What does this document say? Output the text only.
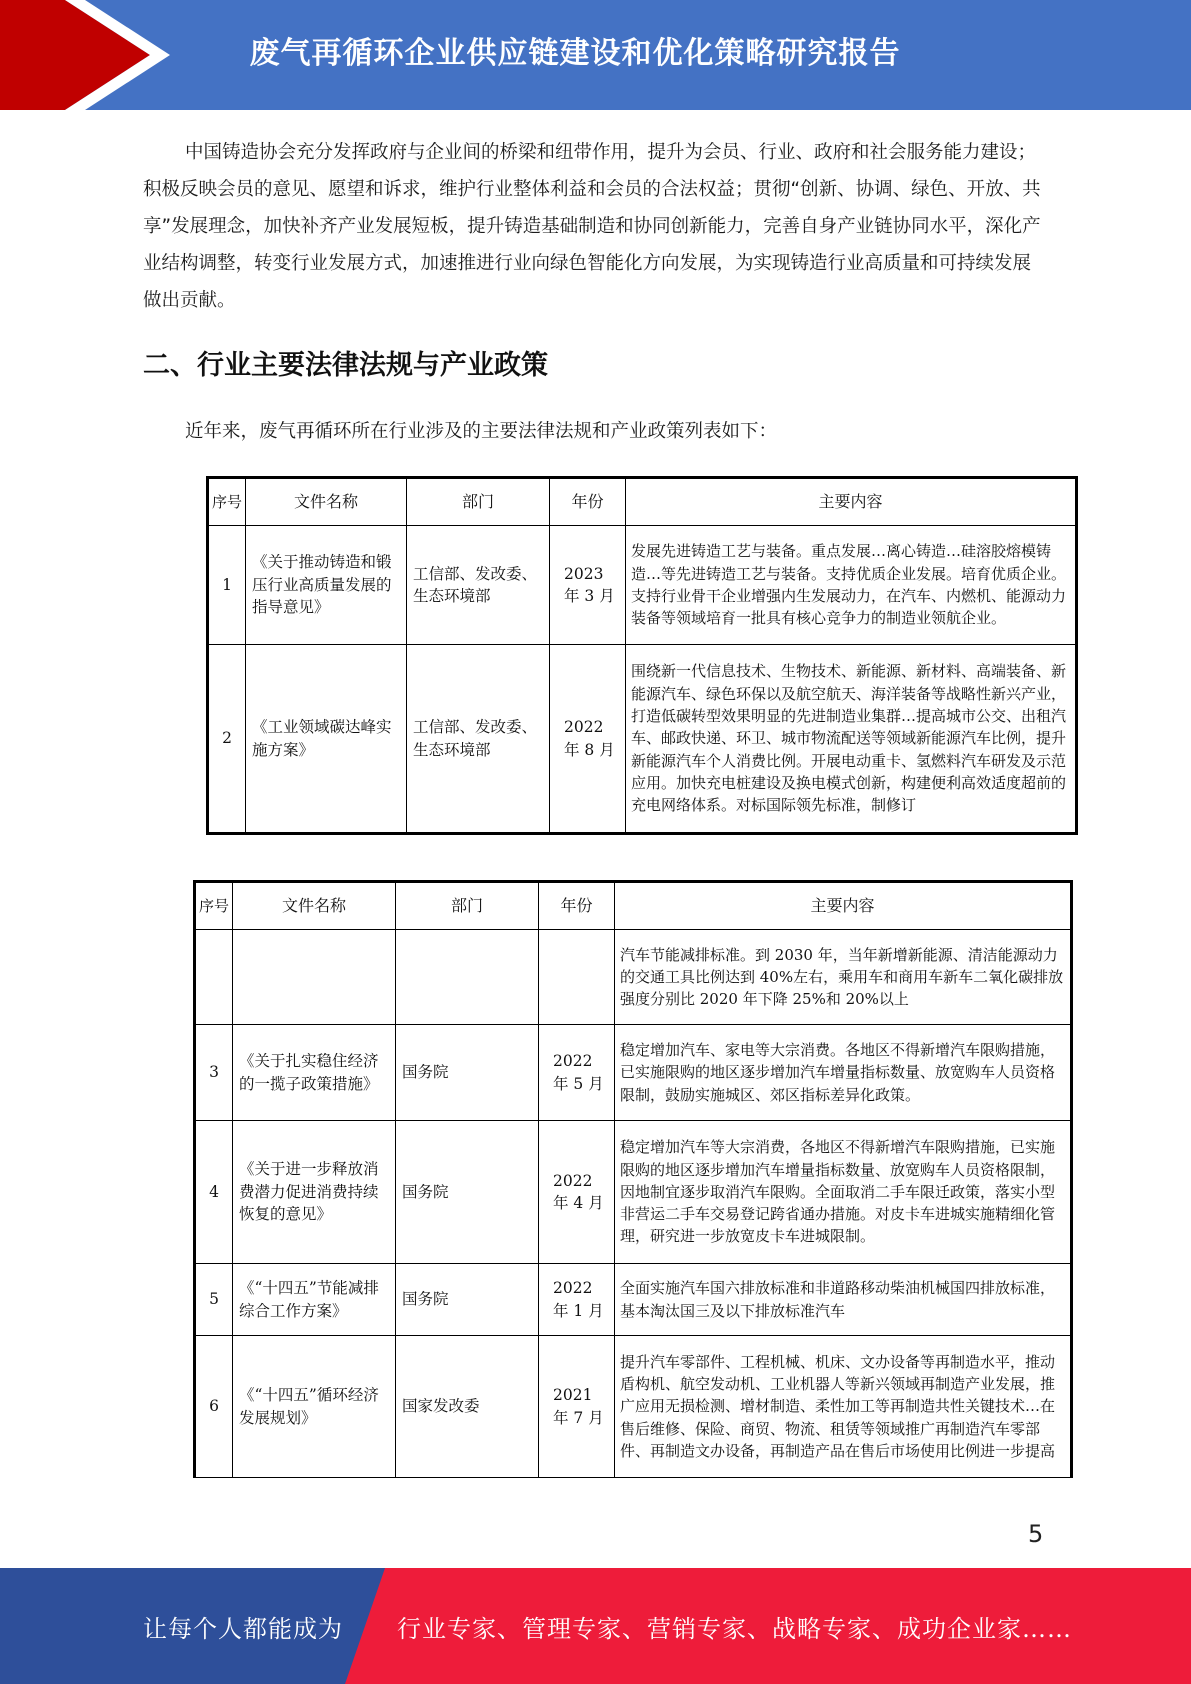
废气再循环企业供应链建设和优化策略研究报告

中国铸造协会充分发挥政府与企业间的桥梁和纽带作用，提升为会员、行业、政府和社会服务能力建设；积极反映会员的意见、愿望和诉求，维护行业整体利益和会员的合法权益；贯彻“创新、协调、绿色、开放、共享”发展理念，加快补齐产业发展短板，提升铸造基础制造和协同创新能力，完善自身产业链协同水平，深化产业结构调整，转变行业发展方式，加速推进行业向绿色智能化方向发展，为实现铸造行业高质量和可持续发展做出贡献。

二、行业主要法律法规与产业政策

近年来，废气再循环所在行业涉及的主要法律法规和产业政策列表如下：

序号	文件名称	部门	年份	主要内容
1	《关于推动铸造和锻压行业高质量发展的指导意见》	工信部、发改委、生态环境部	2023 年 3 月	发展先进铸造工艺与装备。重点发展…离心铸造…硅溶胶熔模铸造…等先进铸造工艺与装备。支持优质企业发展。培育优质企业。支持行业骨干企业增强内生发展动力，在汽车、内燃机、能源动力装备等领域培育一批具有核心竞争力的制造业领航企业。
2	《工业领域碳达峰实施方案》	工信部、发改委、生态环境部	2022 年 8 月	围绕新一代信息技术、生物技术、新能源、新材料、高端装备、新能源汽车、绿色环保以及航空航天、海洋装备等战略性新兴产业，打造低碳转型效果明显的先进制造业集群…提高城市公交、出租汽车、邮政快递、环卫、城市物流配送等领域新能源汽车比例，提升新能源汽车个人消费比例。开展电动重卡、氢燃料汽车研发及示范应用。加快充电桩建设及换电模式创新，构建便利高效适度超前的充电网络体系。对标国际领先标准，制修订
序号	文件名称	部门	年份	主要内容
				汽车节能减排标准。到 2030 年，当年新增新能源、清洁能源动力的交通工具比例达到 40%左右，乘用车和商用车新车二氧化碳排放强度分别比 2020 年下降 25%和 20%以上
3	《关于扎实稳住经济的一揽子政策措施》	国务院	2022 年 5 月	稳定增加汽车、家电等大宗消费。各地区不得新增汽车限购措施，已实施限购的地区逐步增加汽车增量指标数量、放宽购车人员资格限制，鼓励实施城区、郊区指标差异化政策。
4	《关于进一步释放消费潜力促进消费持续恢复的意见》	国务院	2022 年 4 月	稳定增加汽车等大宗消费，各地区不得新增汽车限购措施，已实施限购的地区逐步增加汽车增量指标数量、放宽购车人员资格限制，因地制宜逐步取消汽车限购。全面取消二手车限迁政策，落实小型非营运二手车交易登记跨省通办措施。对皮卡车进城实施精细化管理，研究进一步放宽皮卡车进城限制。
5	《“十四五”节能减排综合工作方案》	国务院	2022 年 1 月	全面实施汽车国六排放标准和非道路移动柴油机械国四排放标准，基本淘汰国三及以下排放标准汽车
6	《“十四五”循环经济发展规划》	国家发改委	2021 年 7 月	提升汽车零部件、工程机械、机床、文办设备等再制造水平，推动盾构机、航空发动机、工业机器人等新兴领域再制造产业发展，推广应用无损检测、增材制造、柔性加工等再制造共性关键技术…在售后维修、保险、商贸、物流、租赁等领域推广再制造汽车零部件、再制造文办设备，再制造产品在售后市场使用比例进一步提高
5
让每个人都能成为 行业专家、管理专家、营销专家、战略专家、成功企业家……
